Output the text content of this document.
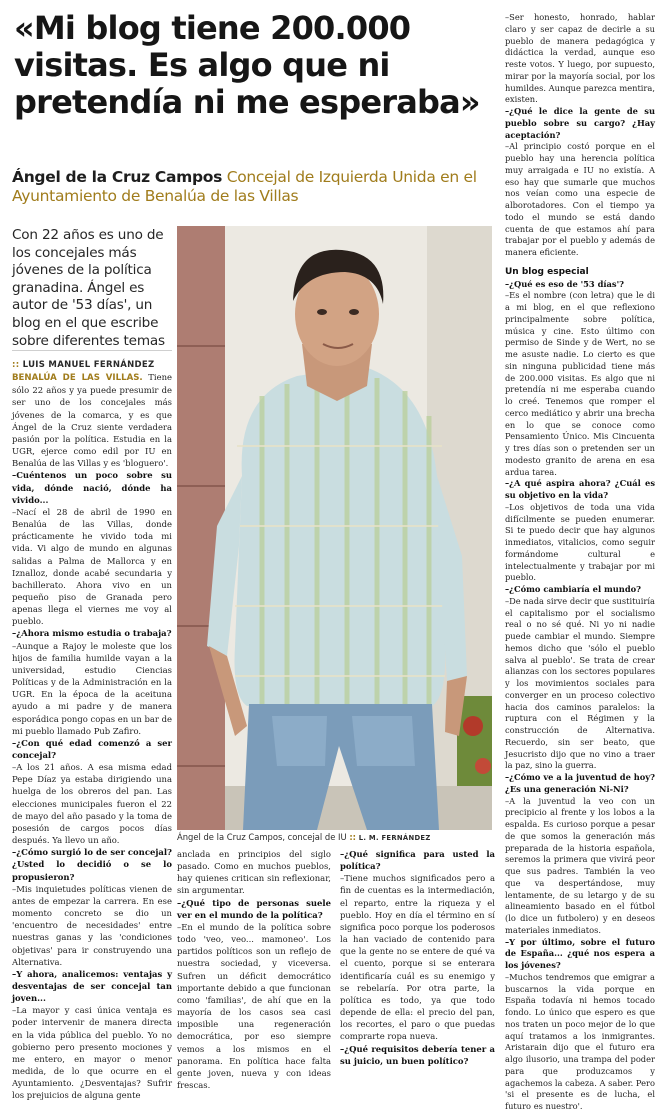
«Mi blog tiene 200.000 visitas. Es algo que ni pretendía ni me esperaba»
Ángel de la Cruz Campos Concejal de Izquierda Unida en el Ayuntamiento de Benalúa de las Villas
Con 22 años es uno de los concejales más jóvenes de la política granadina. Ángel es autor de '53 días', un blog en el que escribe sobre diferentes temas

:: LUIS MANUEL FERNÁNDEZ

BENALÚA DE LAS VILLAS. Tiene sólo 22 años y ya puede presumir de ser uno de los concejales más jóvenes de la comarca, y es que Ángel de la Cruz siente verdadera pasión por la política. Estudia en la UGR, ejerce como edil por IU en Benalúa de las Villas y es 'bloguero'.

–Cuéntenos un poco sobre su vida, dónde nació, dónde ha vivido...

–Nací el 28 de abril de 1990 en Benalúa de las Villas, donde prácticamente he vivido toda mi vida. Vi algo de mundo en algunas salidas a Palma de Mallorca y en Iznalloz, donde acabé secundaria y bachillerato. Ahora vivo en un pequeño piso de Granada pero apenas llega el viernes me voy al pueblo.

–¿Ahora mismo estudia o trabaja?

–Aunque a Rajoy le moleste que los hijos de familia humilde vayan a la universidad, estudio Ciencias Políticas y de la Administración en la UGR. En la época de la aceituna ayudo a mi padre y de manera esporádica pongo copas en un bar de mi pueblo llamado Pub Zafiro.

–¿Con qué edad comenzó a ser concejal?

–A los 21 años. A esa misma edad Pepe Díaz ya estaba dirigiendo una huelga de los obreros del pan. Las elecciones municipales fueron el 22 de mayo del año pasado y la toma de posesión de cargos pocos días después. Ya llevo un año.

–¿Cómo surgió lo de ser concejal? ¿Usted lo decidió o se lo propusieron?

–Mis inquietudes políticas vienen de antes de empezar la carrera. En ese momento concreto se dio un 'encuentro de necesidades' entre nuestras ganas y las 'condiciones objetivas' para ir construyendo una Alternativa.

–Y ahora, analicemos: ventajas y desventajas de ser concejal tan joven...

–La mayor y casi única ventaja es poder intervenir de manera directa en la vida pública del pueblo. Yo no gobierno pero presento mociones y me entero, en mayor o menor medida, de lo que ocurre en el Ayuntamiento. ¿Desventajas? Sufrir los prejuicios de alguna gente

Ángel de la Cruz Campos, concejal de IU :: L. M. FERNÁNDEZ

anclada en principios del siglo pasado. Como en muchos pueblos, hay quienes critican sin reflexionar, sin argumentar.

–¿Qué tipo de personas suele ver en el mundo de la política?

–En el mundo de la política sobre todo 'veo, veo... mamoneo'. Los partidos políticos son un reflejo de nuestra sociedad, y viceversa. Sufren un déficit democrático importante debido a que funcionan como 'familias', de ahí que en la mayoría de los casos sea casi imposible una regeneración democrática, por eso siempre vemos a los mismos en el panorama. En política hace falta gente joven, nueva y con ideas frescas.

–¿Qué significa para usted la política?

–Tiene muchos significados pero a fin de cuentas es la intermediación, el reparto, entre la riqueza y el pueblo. Hoy en día el término en sí significa poco porque los poderosos la han vaciado de contenido para que la gente no se entere de qué va el cuento, porque si se enterara identificaría cuál es su enemigo y se rebelaría. Por otra parte, la política es todo, ya que todo depende de ella: el precio del pan, los recortes, el paro o que puedas comprarte ropa nueva.

–¿Qué requisitos debería tener a su juicio, un buen político?

–Ser honesto, honrado, hablar claro y ser capaz de decirle a su pueblo de manera pedagógica y didáctica la verdad, aunque eso reste votos. Y luego, por supuesto, mirar por la mayoría social, por los humildes. Aunque parezca mentira, existen.

–¿Qué le dice la gente de su pueblo sobre su cargo? ¿Hay aceptación?

–Al principio costó porque en el pueblo hay una herencia política muy arraigada e IU no existía. A eso hay que sumarle que muchos nos veían como una especie de alborotadores. Con el tiempo ya todo el mundo se está dando cuenta de que estamos ahí para trabajar por el pueblo y además de manera eficiente.

Un blog especial

–¿Qué es eso de '53 días'?

–Es el nombre (con letra) que le di a mi blog, en el que reflexiono principalmente sobre política, música y cine. Esto último con permiso de Sinde y de Wert, no se me asuste nadie. Lo cierto es que sin ninguna publicidad tiene más de 200.000 visitas. Es algo que ni pretendía ni me esperaba cuando lo creé. Tenemos que romper el cerco mediático y abrir una brecha en lo que se conoce como Pensamiento Único. Mis Cincuenta y tres días son o pretenden ser un modesto granito de arena en esa ardua tarea.

–¿A qué aspira ahora? ¿Cuál es su objetivo en la vida?

–Los objetivos de toda una vida difícilmente se pueden enumerar. Si te puedo decir que hay algunos inmediatos, vitalicios, como seguir formándome cultural e intelectualmente y trabajar por mi pueblo.

–¿Cómo cambiaría el mundo?

–De nada sirve decir que sustituiría el capitalismo por el socialismo real o no sé qué. Ni yo ni nadie puede cambiar el mundo. Siempre hemos dicho que 'sólo el pueblo salva al pueblo'. Se trata de crear alianzas con los sectores populares y los movimientos sociales para converger en un proceso colectivo hacia dos caminos paralelos: la ruptura con el Régimen y la construcción de Alternativa. Recuerdo, sin ser beato, que Jesucristo dijo que no vino a traer la paz, sino la guerra.

–¿Cómo ve a la juventud de hoy? ¿Es una generación Ni-Ni?

–A la juventud la veo con un precipicio al frente y los lobos a la espalda. Es curioso porque a pesar de que somos la generación más preparada de la historia española, seremos la primera que vivirá peor que sus padres. También la veo que va despertándose, muy lentamente, de su letargo y de su alineamiento basado en el fútbol (lo dice un futbolero) y en deseos materiales inmediatos.

–Y por último, sobre el futuro de España... ¿qué nos espera a los jóvenes?

–Muchos tendremos que emigrar a buscarnos la vida porque en España todavía ni hemos tocado fondo. Lo único que espero es que nos traten un poco mejor de lo que aquí tratamos a los inmigrantes. Aristarain dijo que el futuro era algo ilusorio, una trampa del poder para que produzcamos y agachemos la cabeza. A saber. Pero 'si el presente es de lucha, el futuro es nuestro'.
